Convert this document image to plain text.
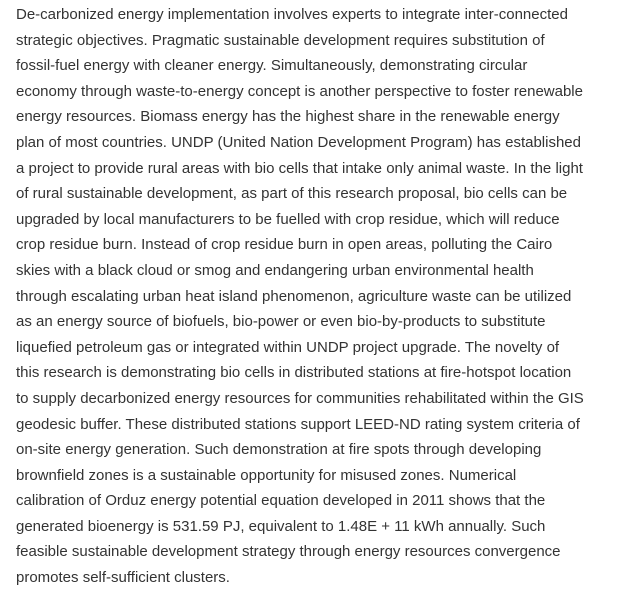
De-carbonized energy implementation involves experts to integrate inter-connected
strategic objectives. Pragmatic sustainable development requires substitution of
fossil-fuel energy with cleaner energy. Simultaneously, demonstrating circular
economy through waste-to-energy concept is another perspective to foster renewable
energy resources. Biomass energy has the highest share in the renewable energy
plan of most countries. UNDP (United Nation Development Program) has established
a project to provide rural areas with bio cells that intake only animal waste. In the light
of rural sustainable development, as part of this research proposal, bio cells can be
upgraded by local manufacturers to be fuelled with crop residue, which will reduce
crop residue burn. Instead of crop residue burn in open areas, polluting the Cairo
skies with a black cloud or smog and endangering urban environmental health
through escalating urban heat island phenomenon, agriculture waste can be utilized
as an energy source of biofuels, bio-power or even bio-by-products to substitute
liquefied petroleum gas or integrated within UNDP project upgrade. The novelty of
this research is demonstrating bio cells in distributed stations at fire-hotspot location
to supply decarbonized energy resources for communities rehabilitated within the GIS
geodesic buffer. These distributed stations support LEED-ND rating system criteria of
on-site energy generation. Such demonstration at fire spots through developing
brownfield zones is a sustainable opportunity for misused zones. Numerical
calibration of Orduz energy potential equation developed in 2011 shows that the
generated bioenergy is 531.59 PJ, equivalent to 1.48E + 11 kWh annually. Such
feasible sustainable development strategy through energy resources convergence
promotes self-sufficient clusters.
